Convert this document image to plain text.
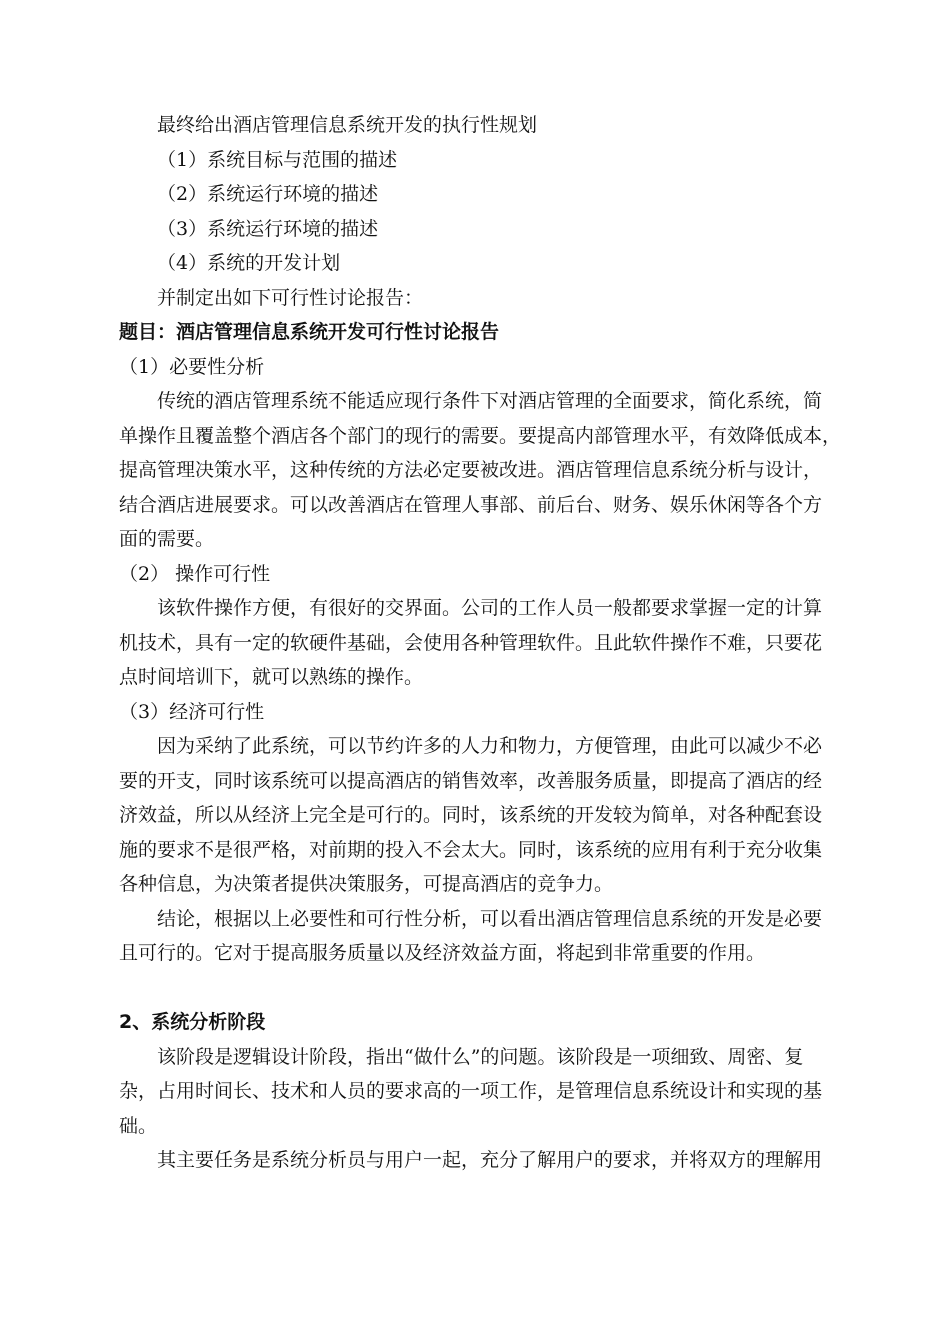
最终给出酒店管理信息系统开发的执行性规划

（1）系统目标与范围的描述

（2）系统运行环境的描述

（3）系统运行环境的描述

（4）系统的开发计划

并制定出如下可行性讨论报告：

题目：酒店管理信息系统开发可行性讨论报告

（1）必要性分析

传统的酒店管理系统不能适应现行条件下对酒店管理的全面要求，简化系统，简

单操作且覆盖整个酒店各个部门的现行的需要。要提高内部管理水平，有效降低成本，

提高管理决策水平，这种传统的方法必定要被改进。酒店管理信息系统分析与设计，

结合酒店进展要求。可以改善酒店在管理人事部、前后台、财务、娱乐休闲等各个方

面的需要。

（2） 操作可行性

该软件操作方便，有很好的交界面。公司的工作人员一般都要求掌握一定的计算

机技术，具有一定的软硬件基础，会使用各种管理软件。且此软件操作不难，只要花

点时间培训下，就可以熟练的操作。

（3）经济可行性

因为采纳了此系统，可以节约许多的人力和物力，方便管理，由此可以减少不必

要的开支，同时该系统可以提高酒店的销售效率，改善服务质量，即提高了酒店的经

济效益，所以从经济上完全是可行的。同时，该系统的开发较为简单，对各种配套设

施的要求不是很严格，对前期的投入不会太大。同时，该系统的应用有利于充分收集

各种信息，为决策者提供决策服务，可提高酒店的竞争力。

结论，根据以上必要性和可行性分析，可以看出酒店管理信息系统的开发是必要

且可行的。它对于提高服务质量以及经济效益方面，将起到非常重要的作用。

2、系统分析阶段

该阶段是逻辑设计阶段，指出“做什么”的问题。该阶段是一项细致、周密、复

杂，占用时间长、技术和人员的要求高的一项工作，是管理信息系统设计和实现的基

础。

其主要任务是系统分析员与用户一起，充分了解用户的要求，并将双方的理解用
